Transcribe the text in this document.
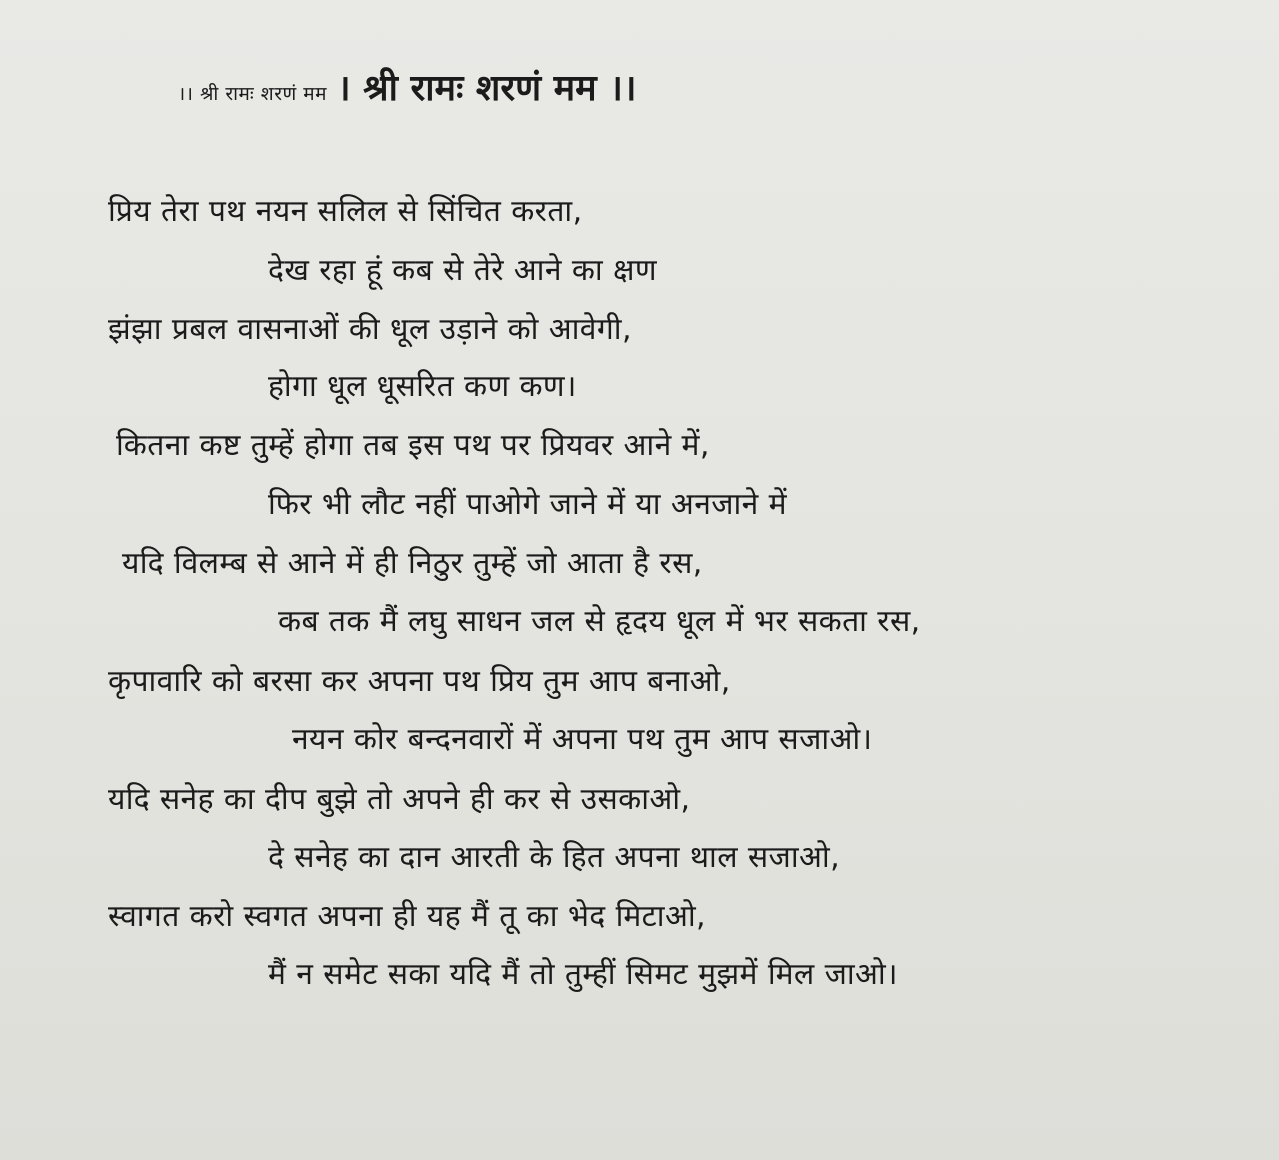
।। श्री रामः शरणं मम । श्री रामः शरणं मम ।।
प्रिय तेरा पथ नयन सलिल से सिंचित करता,
देख रहा हूं कब से तेरे आने का क्षण
झंझा प्रबल वासनाओं की धूल उड़ाने को आवेगी,
होगा धूल धूसरित कण कण।
कितना कष्ट तुम्हें होगा तब इस पथ पर प्रियवर आने में,
फिर भी लौट नहीं पाओगे जाने में या अनजाने में
यदि विलम्ब से आने में ही निठुर तुम्हें जो आता है रस,
कब तक मैं लघु साधन जल से हृदय धूल में भर सकता रस,
कृपावारि को बरसा कर अपना पथ प्रिय तुम आप बनाओ,
नयन कोर बन्दनवारों में अपना पथ तुम आप सजाओ।
यदि सनेह का दीप बुझे तो अपने ही कर से उसकाओ,
दे सनेह का दान आरती के हित अपना थाल सजाओ,
स्वागत करो स्वगत अपना ही यह मैं तू का भेद मिटाओ,
मैं न समेट सका यदि मैं तो तुम्हीं सिमट मुझमें मिल जाओ।
